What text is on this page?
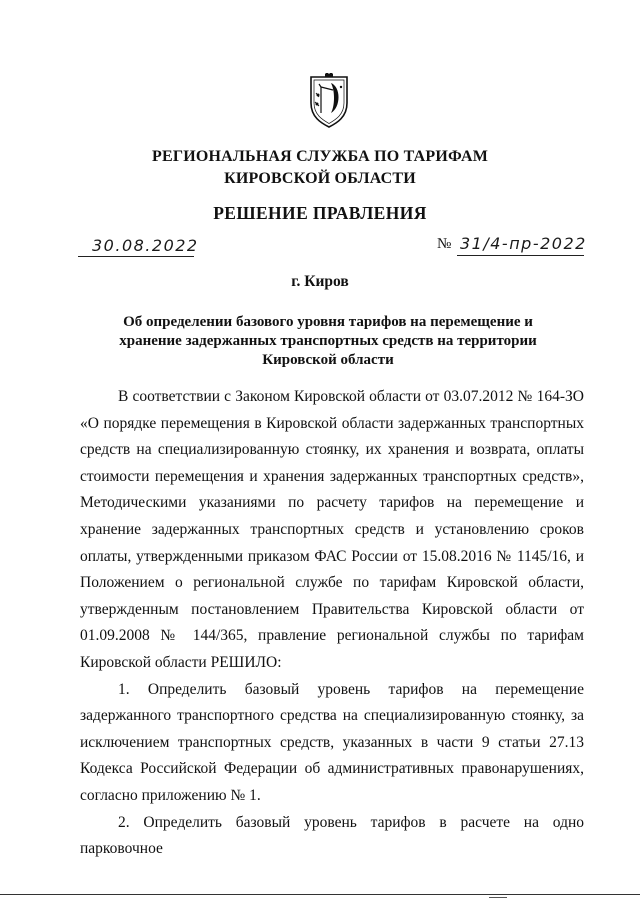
РЕГИОНАЛЬНАЯ СЛУЖБА ПО ТАРИФАМ
КИРОВСКОЙ ОБЛАСТИ
РЕШЕНИЕ ПРАВЛЕНИЯ
30.08.2022	№ 31/4-пр-2022
г. Киров
Об определении базового уровня тарифов на перемещение и
хранение задержанных транспортных средств на территории
Кировской области

В соответствии с Законом Кировской области от 03.07.2012 № 164-ЗО «О порядке перемещения в Кировской области задержанных транспортных средств на специализированную стоянку, их хранения и возврата, оплаты стоимости перемещения и хранения задержанных транспортных средств», Методическими указаниями по расчету тарифов на перемещение и хранение задержанных транспортных средств и установлению сроков оплаты, утвержденными приказом ФАС России от 15.08.2016 № 1145/16, и Положением о региональной службе по тарифам Кировской области, утвержденным постановлением Правительства Кировской области от 01.09.2008 № 144/365, правление региональной службы по тарифам Кировской области РЕШИЛО:

1. Определить базовый уровень тарифов на перемещение задержанного транспортного средства на специализированную стоянку, за исключением транспортных средств, указанных в части 9 статьи 27.13 Кодекса Российской Федерации об административных правонарушениях, согласно приложению № 1.

2. Определить базовый уровень тарифов в расчете на одно парковочное
